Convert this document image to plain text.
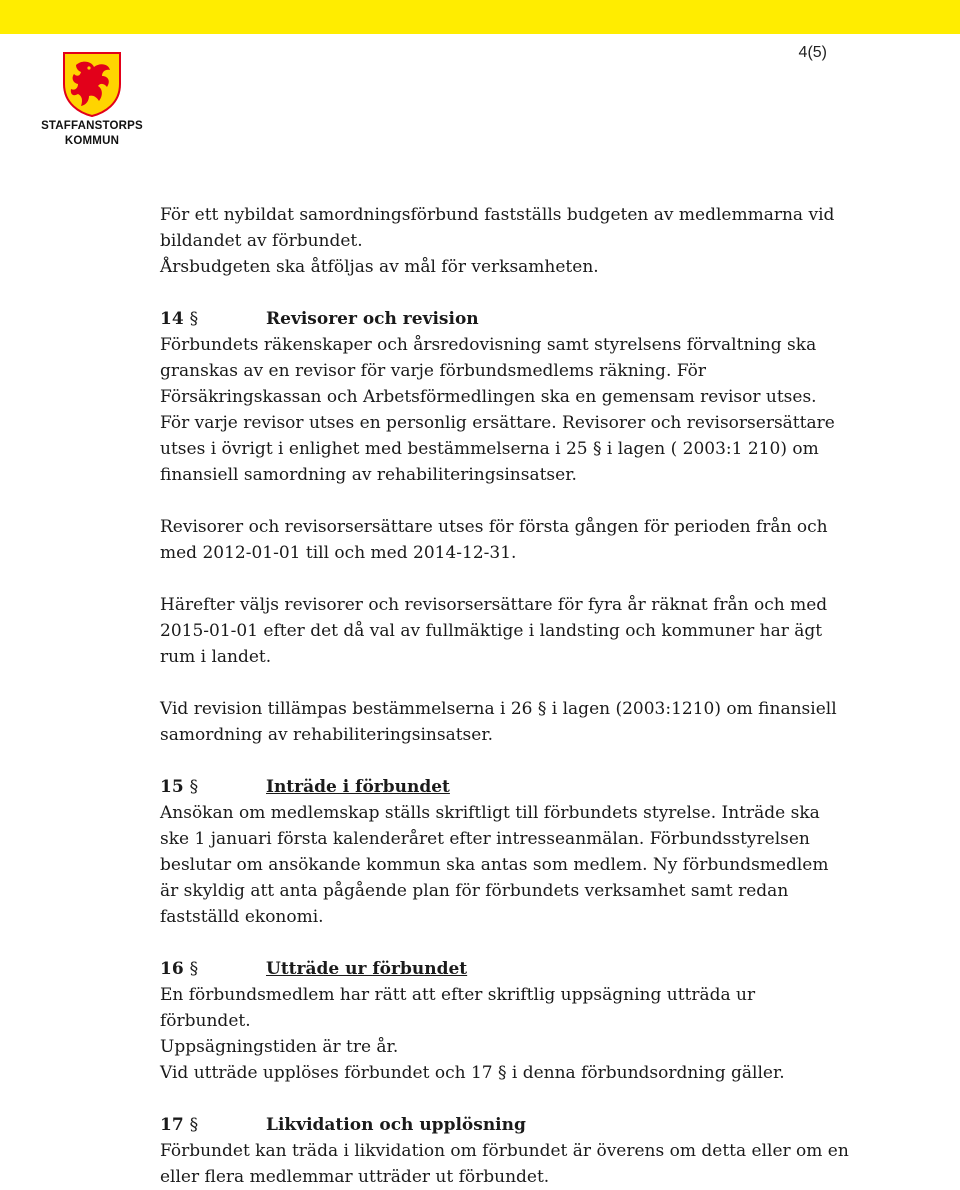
4(5)
STAFFANSTORPS
KOMMUN

För ett nybildat samordningsförbund fastställs budgeten av medlemmarna vid bildandet av förbundet.

Årsbudgeten ska åtföljas av mål för verksamheten.

14 §	Revisorer och revision

Förbundets räkenskaper och årsredovisning samt styrelsens förvaltning ska granskas av en revisor för varje förbundsmedlems räkning. För Försäkringskassan och Arbetsförmedlingen ska en gemensam revisor utses. För varje revisor utses en personlig ersättare. Revisorer och revisorsersättare utses i övrigt i enlighet med bestämmelserna i 25 § i lagen ( 2003:1 210) om finansiell samordning av rehabiliteringsinsatser.

Revisorer och revisorsersättare utses för första gången för perioden från och med 2012-01-01 till och med 2014-12-31.

Härefter väljs revisorer och revisorsersättare för fyra år räknat från och med 2015-01-01 efter det då val av fullmäktige i landsting och kommuner har ägt rum i landet.

Vid revision tillämpas bestämmelserna i 26 § i lagen (2003:1210) om finansiell samordning av rehabiliteringsinsatser.

15 §	Inträde i förbundet

Ansökan om medlemskap ställs skriftligt till förbundets styrelse. Inträde ska ske 1 januari första kalenderåret efter intresseanmälan. Förbundsstyrelsen beslutar om ansökande kommun ska antas som medlem. Ny förbundsmedlem är skyldig att anta pågående plan för förbundets verksamhet samt redan fastställd ekonomi.

16 §	Utträde ur förbundet

En förbundsmedlem har rätt att efter skriftlig uppsägning utträda ur förbundet.

Uppsägningstiden är tre år.

Vid utträde upplöses förbundet och 17 § i denna förbundsordning gäller.

17 §	Likvidation och upplösning

Förbundet kan träda i likvidation om förbundet är överens om detta eller om en eller flera medlemmar utträder ut förbundet.
